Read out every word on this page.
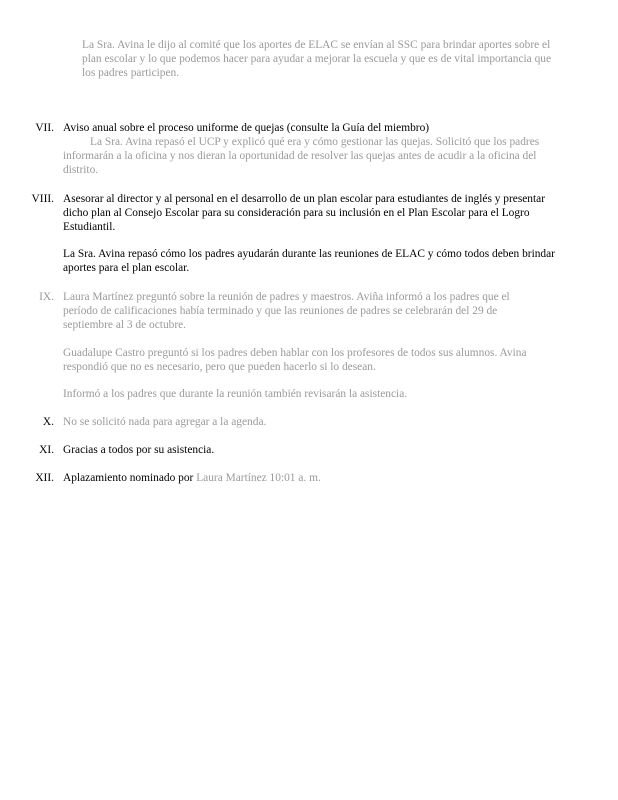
La Sra. Avina le dijo al comité que los aportes de ELAC se envían al SSC para brindar aportes sobre el plan escolar y lo que podemos hacer para ayudar a mejorar la escuela y que es de vital importancia que los padres participen.

VII. Aviso anual sobre el proceso uniforme de quejas (consulte la Guía del miembro)
La Sra. Avina repasó el UCP y explicó qué era y cómo gestionar las quejas. Solicitó que los padres informarán a la oficina y nos dieran la oportunidad de resolver las quejas antes de acudir a la oficina del distrito.
VIII. Asesorar al director y al personal en el desarrollo de un plan escolar para estudiantes de inglés y presentar dicho plan al Consejo Escolar para su consideración para su inclusión en el Plan Escolar para el Logro Estudiantil.
La Sra. Avina repasó cómo los padres ayudarán durante las reuniones de ELAC y cómo todos deben brindar aportes para el plan escolar.
IX. Laura Martínez preguntó sobre la reunión de padres y maestros. Aviña informó a los padres que el período de calificaciones había terminado y que las reuniones de padres se celebrarán del 29 de septiembre al 3 de octubre.
Guadalupe Castro preguntó si los padres deben hablar con los profesores de todos sus alumnos. Avina respondió que no es necesario, pero que pueden hacerlo si lo desean.
Informó a los padres que durante la reunión también revisarán la asistencia.
X. No se solicitó nada para agregar a la agenda.
XI. Gracias a todos por su asistencia.
XII. Aplazamiento nominado por Laura Martínez 10:01 a. m.
